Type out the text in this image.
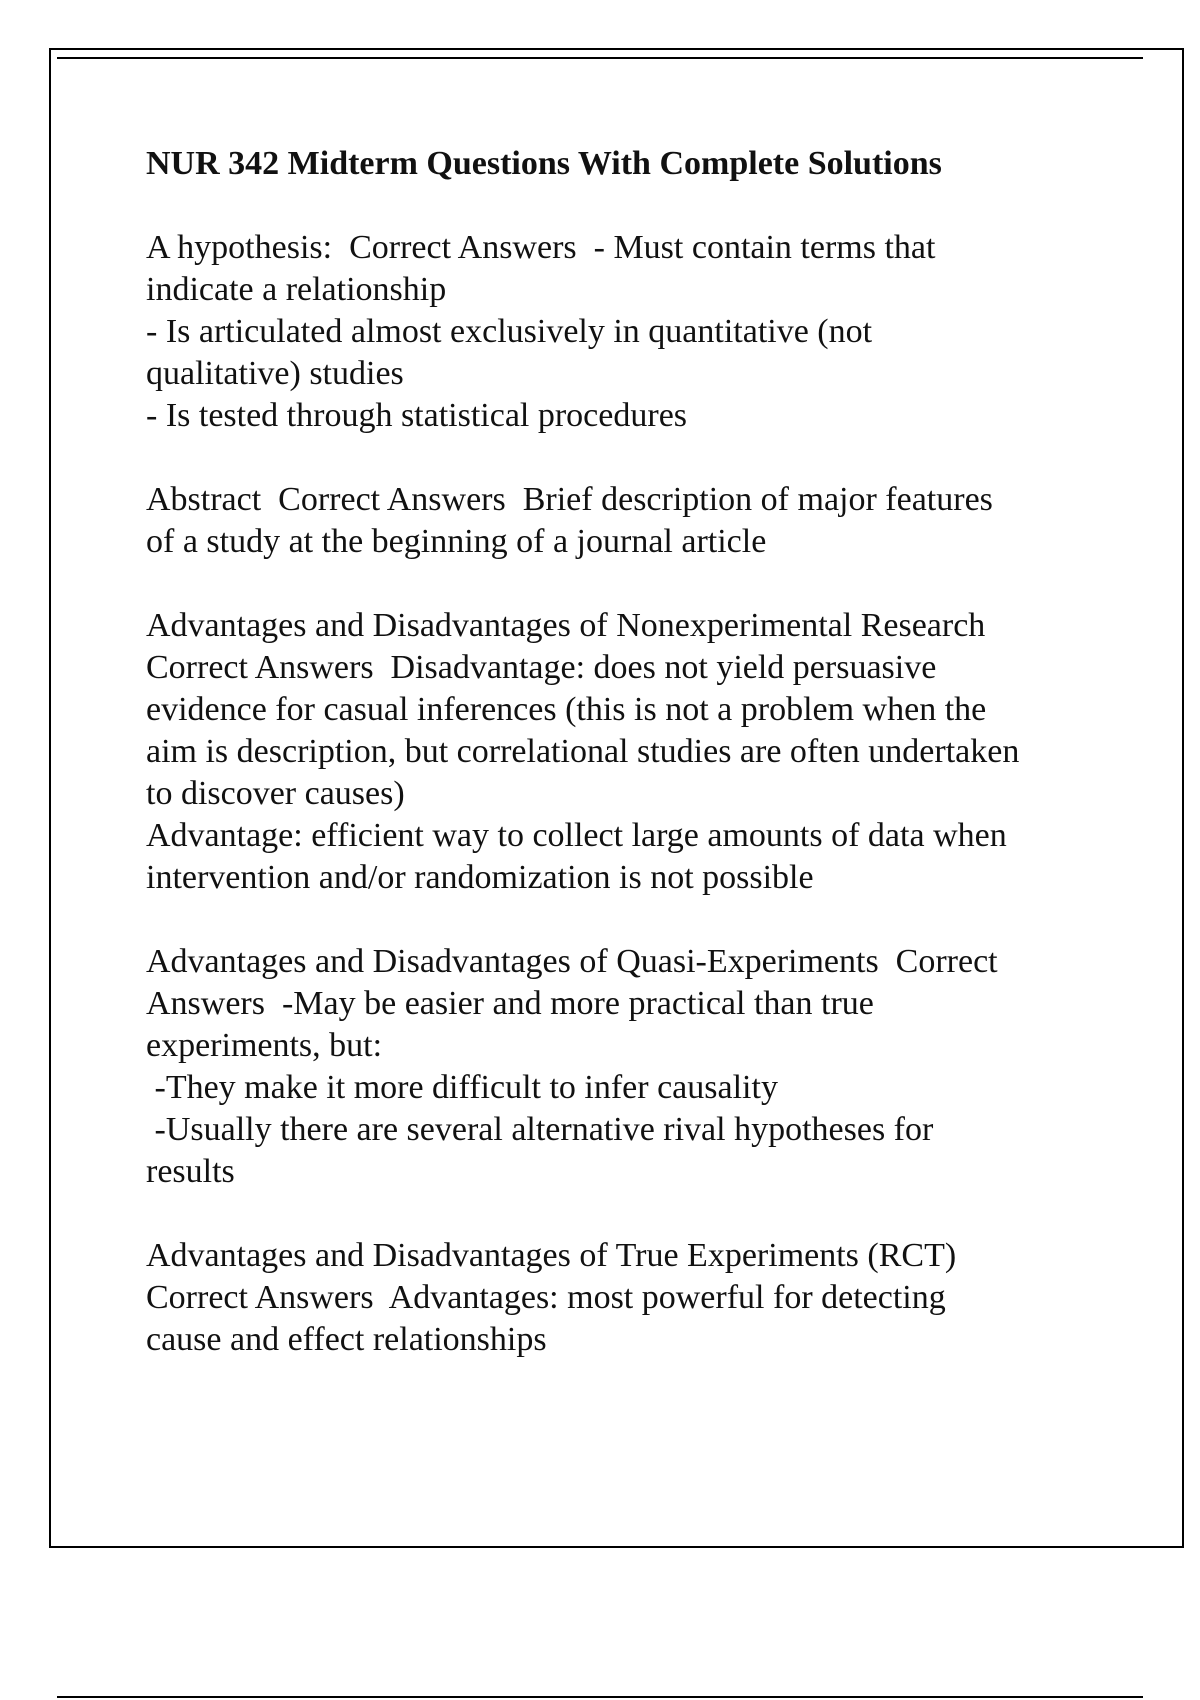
NUR 342 Midterm Questions With Complete Solutions
A hypothesis:  Correct Answers  - Must contain terms that
indicate a relationship
- Is articulated almost exclusively in quantitative (not
qualitative) studies
- Is tested through statistical procedures
Abstract  Correct Answers  Brief description of major features
of a study at the beginning of a journal article
Advantages and Disadvantages of Nonexperimental Research
Correct Answers  Disadvantage: does not yield persuasive
evidence for casual inferences (this is not a problem when the
aim is description, but correlational studies are often undertaken
to discover causes)
Advantage: efficient way to collect large amounts of data when
intervention and/or randomization is not possible
Advantages and Disadvantages of Quasi-Experiments  Correct
Answers  -May be easier and more practical than true
experiments, but:
-They make it more difficult to infer causality
-Usually there are several alternative rival hypotheses for
results
Advantages and Disadvantages of True Experiments (RCT)
Correct Answers  Advantages: most powerful for detecting
cause and effect relationships
